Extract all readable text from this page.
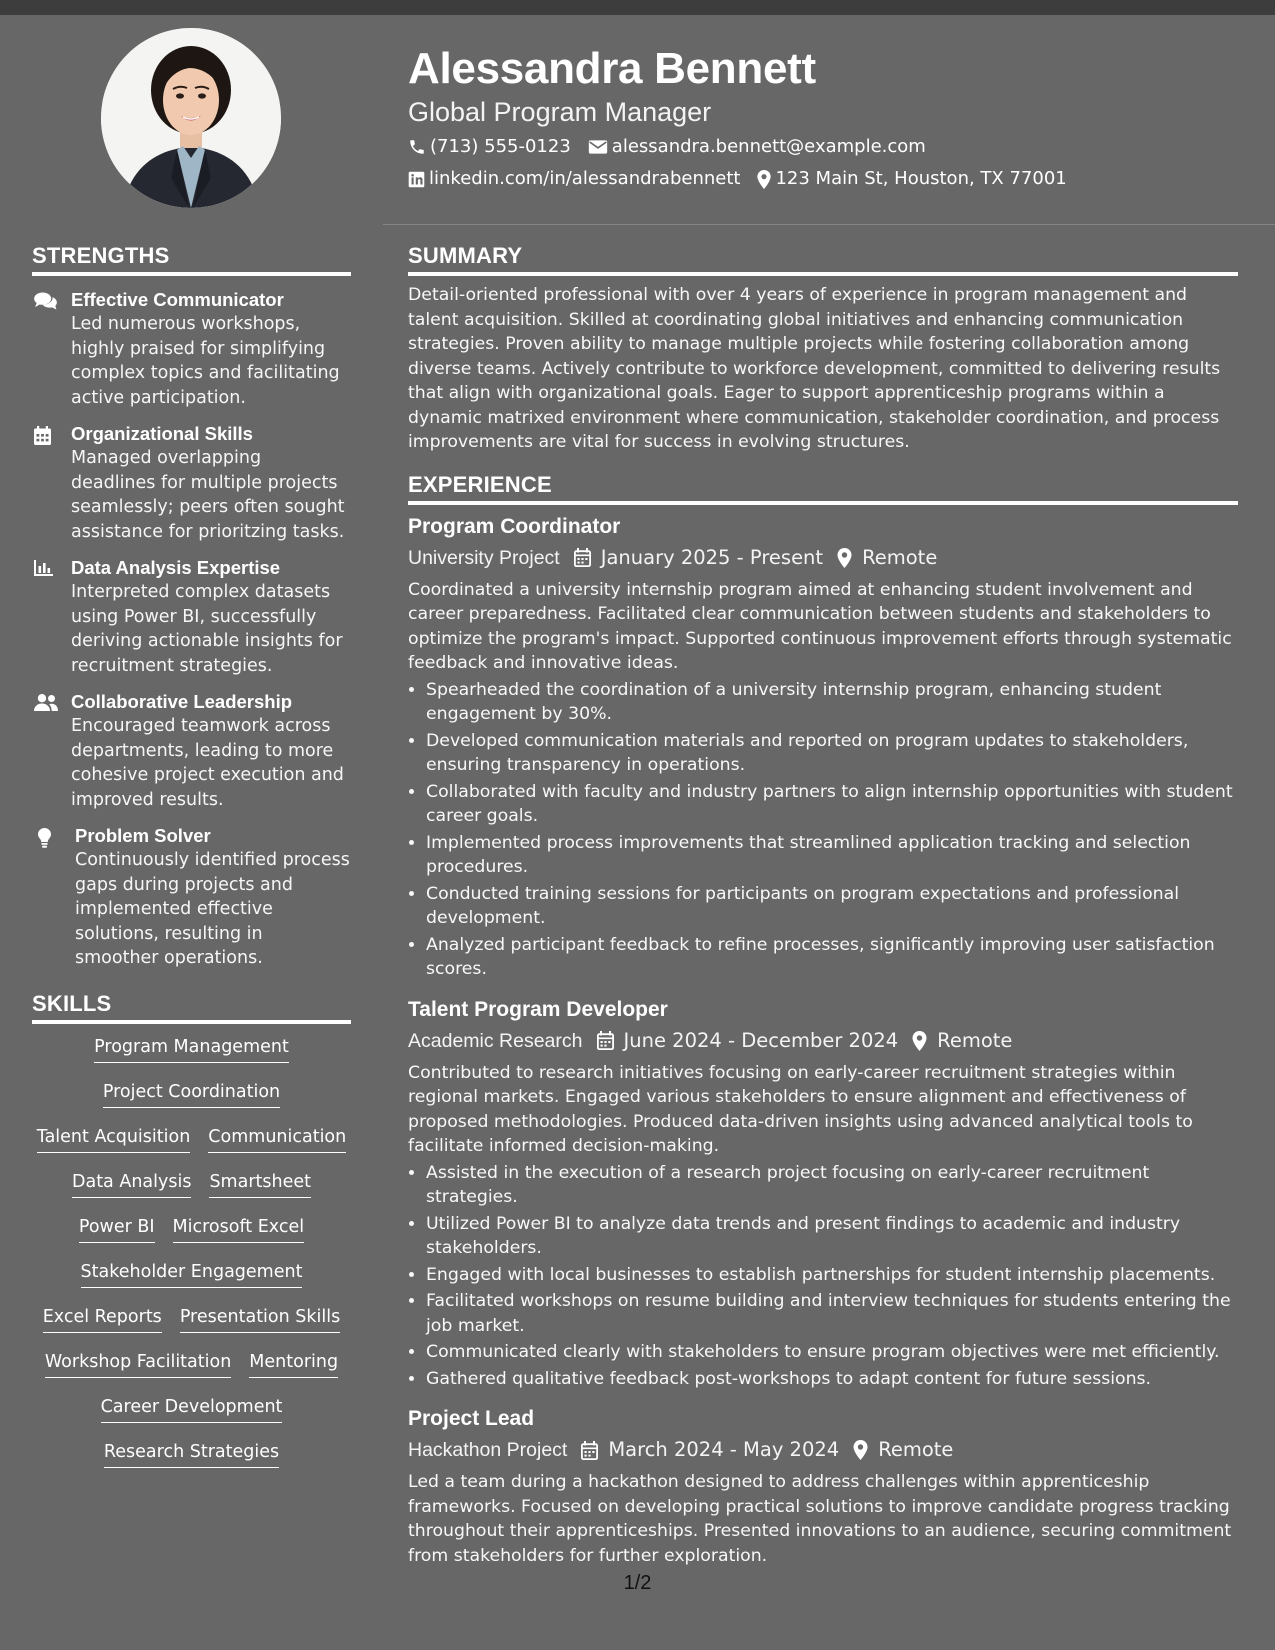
Alessandra Bennett
Global Program Manager
(713) 555-0123 alessandra.bennett@example.com
linkedin.com/in/alessandrabennett 123 Main St, Houston, TX 77001
STRENGTHS
Effective Communicator
Led numerous workshops, highly praised for simplifying complex topics and facilitating active participation.
Organizational Skills
Managed overlapping deadlines for multiple projects seamlessly; peers often sought assistance for prioritzing tasks.
Data Analysis Expertise
Interpreted complex datasets using Power BI, successfully deriving actionable insights for recruitment strategies.
Collaborative Leadership
Encouraged teamwork across departments, leading to more cohesive project execution and improved results.
Problem Solver
Continuously identified process gaps during projects and implemented effective solutions, resulting in smoother operations.
SKILLS
Program Management
Project Coordination
Talent Acquisition Communication
Data Analysis Smartsheet
Power BI Microsoft Excel
Stakeholder Engagement
Excel Reports Presentation Skills
Workshop Facilitation Mentoring
Career Development
Research Strategies
SUMMARY

Detail-oriented professional with over 4 years of experience in program management and talent acquisition. Skilled at coordinating global initiatives and enhancing communication strategies. Proven ability to manage multiple projects while fostering collaboration among diverse teams. Actively contribute to workforce development, committed to delivering results that align with organizational goals. Eager to support apprenticeship programs within a dynamic matrixed environment where communication, stakeholder coordination, and process improvements are vital for success in evolving structures.

EXPERIENCE
Program Coordinator
University Project January 2025 - Present Remote
Coordinated a university internship program aimed at enhancing student involvement and career preparedness. Facilitated clear communication between students and stakeholders to optimize the program's impact. Supported continuous improvement efforts through systematic feedback and innovative ideas.
• Spearheaded the coordination of a university internship program, enhancing student engagement by 30%.
• Developed communication materials and reported on program updates to stakeholders, ensuring transparency in operations.
• Collaborated with faculty and industry partners to align internship opportunities with student career goals.
• Implemented process improvements that streamlined application tracking and selection procedures.
• Conducted training sessions for participants on program expectations and professional development.
• Analyzed participant feedback to refine processes, significantly improving user satisfaction scores.
Talent Program Developer
Academic Research June 2024 - December 2024 Remote
Contributed to research initiatives focusing on early-career recruitment strategies within regional markets. Engaged various stakeholders to ensure alignment and effectiveness of proposed methodologies. Produced data-driven insights using advanced analytical tools to facilitate informed decision-making.
• Assisted in the execution of a research project focusing on early-career recruitment strategies.
• Utilized Power BI to analyze data trends and present findings to academic and industry stakeholders.
• Engaged with local businesses to establish partnerships for student internship placements.
• Facilitated workshops on resume building and interview techniques for students entering the job market.
• Communicated clearly with stakeholders to ensure program objectives were met efficiently.
• Gathered qualitative feedback post-workshops to adapt content for future sessions.
Project Lead
Hackathon Project March 2024 - May 2024 Remote
Led a team during a hackathon designed to address challenges within apprenticeship frameworks. Focused on developing practical solutions to improve candidate progress tracking throughout their apprenticeships. Presented innovations to an audience, securing commitment from stakeholders for further exploration.
1/2
